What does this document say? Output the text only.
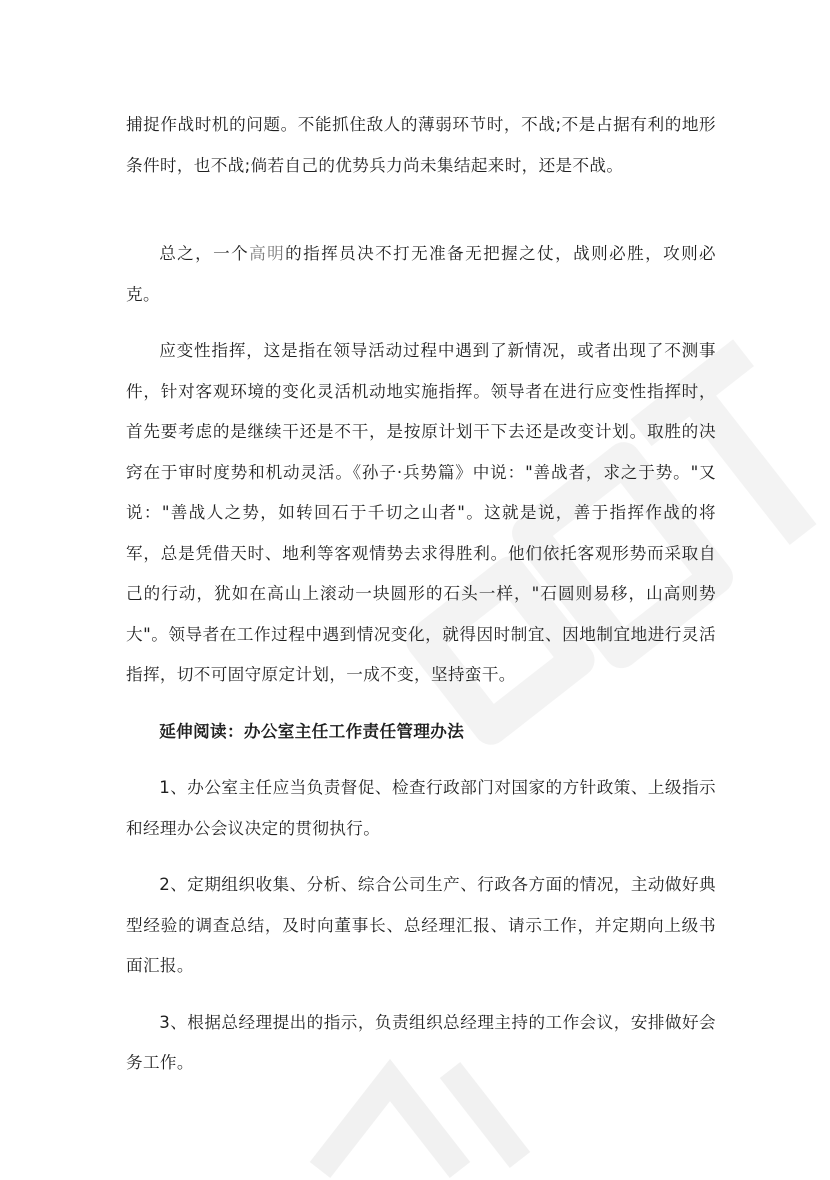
捕捉作战时机的问题。不能抓住敌人的薄弱环节时，不战;不是占据有利的地形条件时，也不战;倘若自己的优势兵力尚未集结起来时，还是不战。

总之，一个高明的指挥员决不打无准备无把握之仗，战则必胜，攻则必克。

应变性指挥，这是指在领导活动过程中遇到了新情况，或者出现了不测事件，针对客观环境的变化灵活机动地实施指挥。领导者在进行应变性指挥时，首先要考虑的是继续干还是不干，是按原计划干下去还是改变计划。取胜的决窍在于审时度势和机动灵活。《孙子·兵势篇》中说："善战者，求之于势。"又说："善战人之势，如转回石于千切之山者"。这就是说，善于指挥作战的将军，总是凭借天时、地利等客观情势去求得胜利。他们依托客观形势而采取自己的行动，犹如在高山上滚动一块圆形的石头一样，"石圆则易移，山高则势大"。领导者在工作过程中遇到情况变化，就得因时制宜、因地制宜地进行灵活指挥，切不可固守原定计划，一成不变，坚持蛮干。

延伸阅读：办公室主任工作责任管理办法

1、办公室主任应当负责督促、检查行政部门对国家的方针政策、上级指示和经理办公会议决定的贯彻执行。

2、定期组织收集、分析、综合公司生产、行政各方面的情况，主动做好典型经验的调查总结，及时向董事长、总经理汇报、请示工作，并定期向上级书面汇报。

3、根据总经理提出的指示，负责组织总经理主持的工作会议，安排做好会务工作。
